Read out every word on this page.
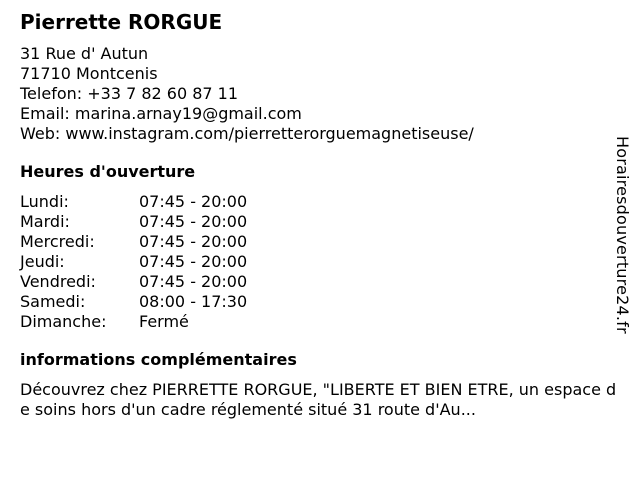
Pierrette RORGUE
31 Rue d' Autun
71710 Montcenis
Telefon: +33 7 82 60 87 11
Email: marina.arnay19@gmail.com
Web: www.instagram.com/pierretterorguemagnetiseuse/
Heures d'ouverture
Lundi:	07:45 - 20:00
Mardi:	07:45 - 20:00
Mercredi:	07:45 - 20:00
Jeudi:	07:45 - 20:00
Vendredi:	07:45 - 20:00
Samedi:	08:00 - 17:30
Dimanche:	Fermé
informations complémentaires
Découvrez chez PIERRETTE RORGUE, "LIBERTE ET BIEN ETRE, un espace de soins hors d'un cadre réglementé situé 31 route d'Au...
Horairesdouverture24.fr
